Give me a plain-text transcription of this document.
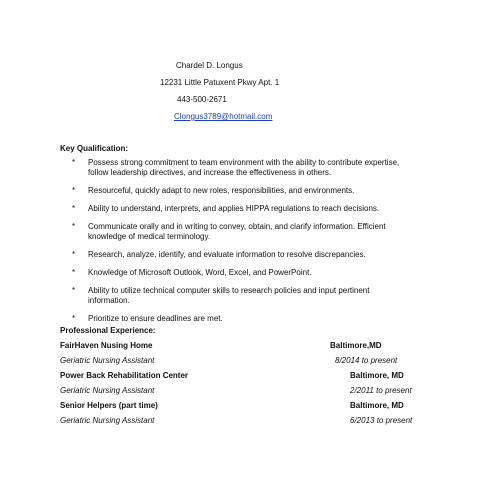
Chardel D. Longus
12231 Little Patuxent Pkwy Apt. 1
443-500-2671
Clongus3789@hotmail.com
Key Qualification:
* Possess strong commitment to team environment with the ability to contribute expertise, follow leadership directives, and increase the effectiveness in others.
* Resourceful, quickly adapt to new roles, responsibilities, and environments.
* Ability to understand, interprets, and applies HIPPA regulations to reach decisions.
* Communicate orally and in writing to convey, obtain, and clarify information. Efficient knowledge of medical terminology.
* Research, analyze, identify, and evaluate information to resolve discrepancies.
* Knowledge of Microsoft Outlook, Word, Excel, and PowerPoint.
* Ability to utilize technical computer skills to research policies and input pertinent information.
* Prioritize to ensure deadlines are met.
Professional Experience:
FairHaven Nusing Home	Baltimore,MD
Geriatric Nursing Assistant	8/2014 to present
Power Back Rehabilitation Center	Baltimore, MD
Geriatric Nursing Assistant	2/2011 to present
Senior Helpers (part time)	Baltimore, MD
Geriatric Nursing Assistant	6/2013 to present
